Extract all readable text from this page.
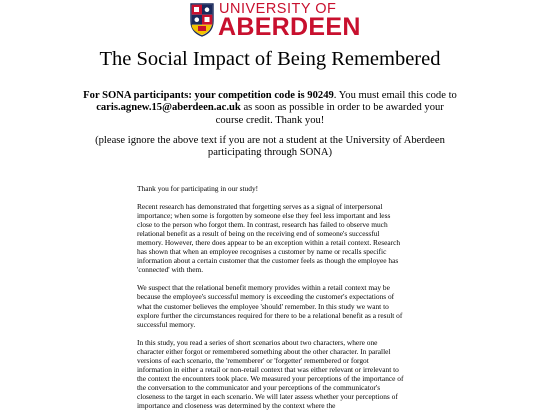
UNIVERSITY OF
ABERDEEN
The Social Impact of Being Remembered
For SONA participants: your competition code is 90249. You must email this code to caris.agnew.15@aberdeen.ac.uk as soon as possible in order to be awarded your course credit. Thank you!
(please ignore the above text if you are not a student at the University of Aberdeen participating through SONA)

Thank you for participating in our study!

Recent research has demonstrated that forgetting serves as a signal of interpersonal importance; when some is forgotten by someone else they feel less important and less close to the person who forgot them. In contrast, research has failed to observe much relational benefit as a result of being on the receiving end of someone's successful memory. However, there does appear to be an exception within a retail context. Research has shown that when an employee recognises a customer by name or recalls specific information about a certain customer that the customer feels as though the employee has 'connected' with them.

We suspect that the relational benefit memory provides within a retail context may be because the employee's successful memory is exceeding the customer's expectations of what the customer believes the employee 'should' remember. In this study we want to explore further the circumstances required for there to be a relational benefit as a result of successful memory.

In this study, you read a series of short scenarios about two characters, where one character either forgot or remembered something about the other character. In parallel versions of each scenario, the 'rememberer' or 'forgetter' remembered or forgot information in either a retail or non-retail context that was either relevant or irrelevant to the context the encounters took place. We measured your perceptions of the importance of the conversation to the communicator and your perceptions of the communicator's closeness to the target in each scenario. We will later assess whether your perceptions of importance and closeness was determined by the context where the
